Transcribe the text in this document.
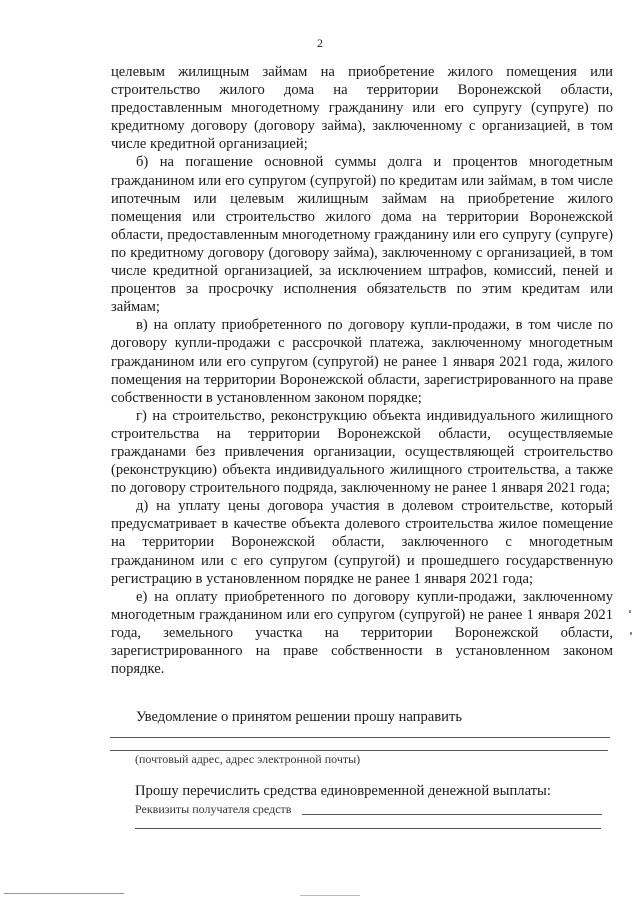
2

целевым жилищным займам на приобретение жилого помещения или строительство жилого дома на территории Воронежской области, предоставленным многодетному гражданину или его супругу (супруге) по кредитному договору (договору займа), заключенному с организацией, в том числе кредитной организацией;

б) на погашение основной суммы долга и процентов многодетным гражданином или его супругом (супругой) по кредитам или займам, в том числе ипотечным или целевым жилищным займам на приобретение жилого помещения или строительство жилого дома на территории Воронежской области, предоставленным многодетному гражданину или его супругу (супруге) по кредитному договору (договору займа), заключенному с организацией, в том числе кредитной организацией, за исключением штрафов, комиссий, пеней и процентов за просрочку исполнения обязательств по этим кредитам или займам;

в) на оплату приобретенного по договору купли-продажи, в том числе по договору купли-продажи с рассрочкой платежа, заключенному многодетным гражданином или его супругом (супругой) не ранее 1 января 2021 года, жилого помещения на территории Воронежской области, зарегистрированного на праве собственности в установленном законом порядке;

г) на строительство, реконструкцию объекта индивидуального жилищного строительства на территории Воронежской области, осуществляемые гражданами без привлечения организации, осуществляющей строительство (реконструкцию) объекта индивидуального жилищного строительства, а также по договору строительного подряда, заключенному не ранее 1 января 2021 года;

д) на уплату цены договора участия в долевом строительстве, который предусматривает в качестве объекта долевого строительства жилое помещение на территории Воронежской области, заключенного с многодетным гражданином или с его супругом (супругой) и прошедшего государственную регистрацию в установленном порядке не ранее 1 января 2021 года;

е) на оплату приобретенного по договору купли-продажи, заключенному многодетным гражданином или его супругом (супругой) не ранее 1 января 2021 года, земельного участка на территории Воронежской области, зарегистрированного на праве собственности в установленном законом порядке.

Уведомление о принятом решении прошу направить
(почтовый адрес, адрес электронной почты)
Прошу перечислить средства единовременной денежной выплаты:
Реквизиты получателя средств
